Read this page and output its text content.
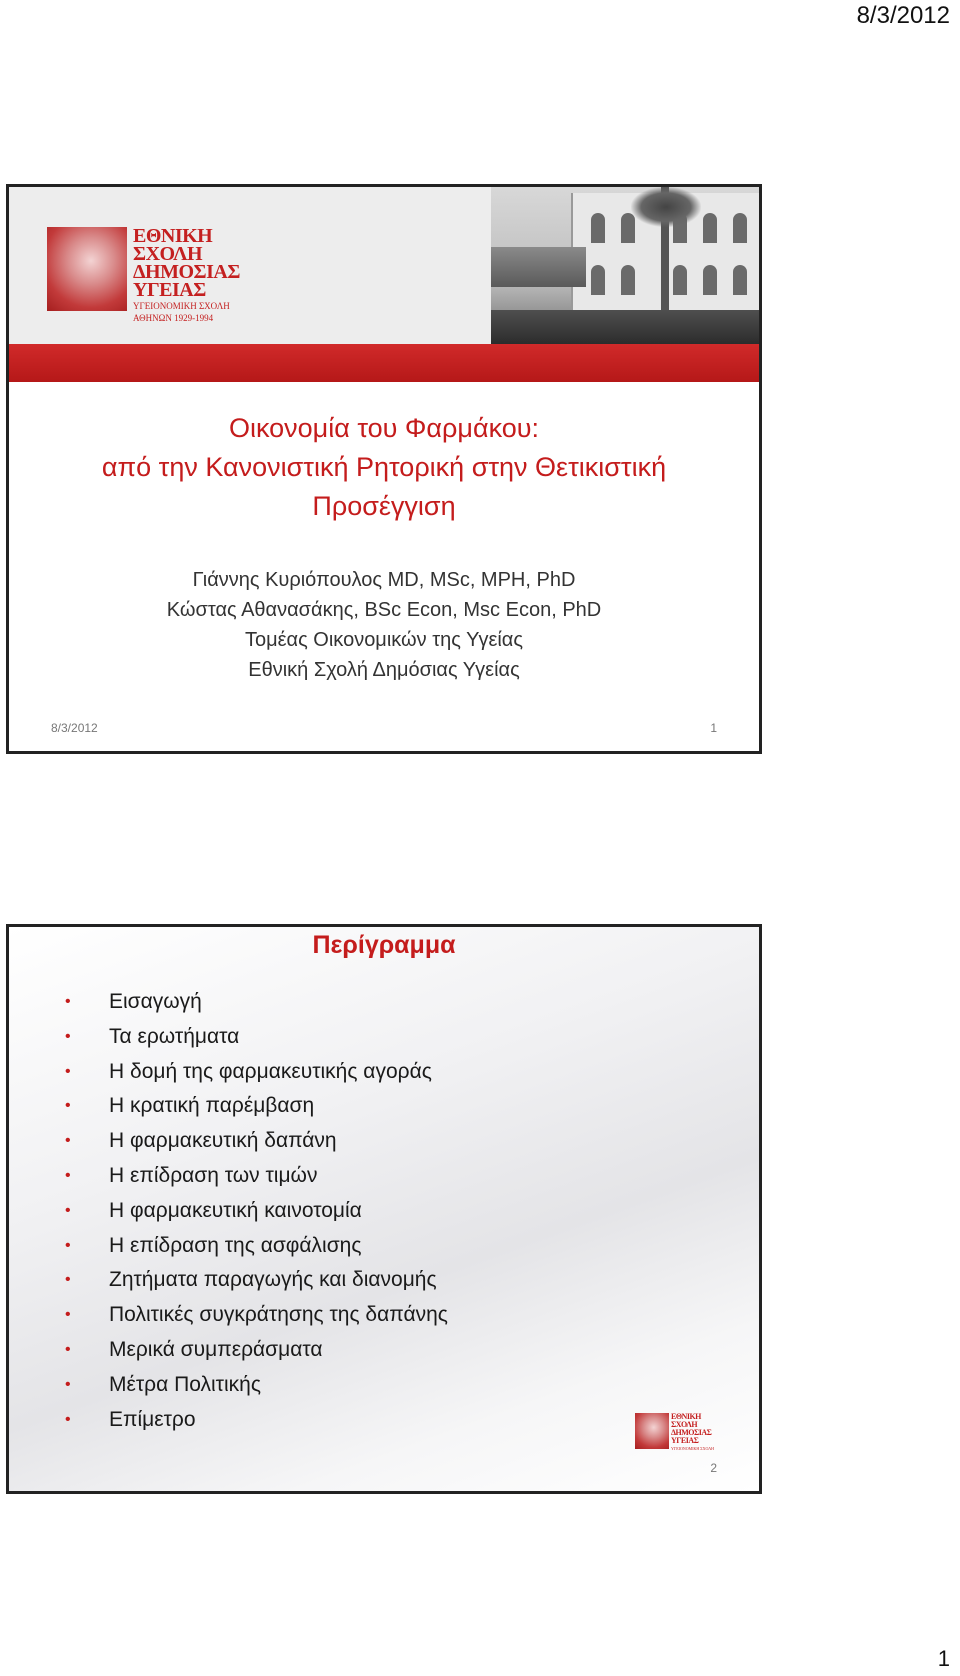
8/3/2012
ΕΘΝΙΚΗ
ΣΧΟΛΗ
ΔΗΜΟΣΙΑΣ
ΥΓΕΙΑΣ
ΥΓΕΙΟΝΟΜΙΚΗ ΣΧΟΛΗ
ΑΘΗΝΩΝ 1929-1994
Οικονομία του Φαρμάκου:
από την Κανονιστική Ρητορική στην Θετικιστική
Προσέγγιση
Γιάννης Κυριόπουλος MD, MSc, MPH, PhD
Κώστας Αθανασάκης, BSc Econ, Msc Econ, PhD
Τομέας Οικονομικών της Υγείας
Εθνική Σχολή Δημόσιας Υγείας
8/3/2012	1
Περίγραμμα
• Εισαγωγή
• Τα ερωτήματα
• Η δομή της φαρμακευτικής αγοράς
• Η κρατική παρέμβαση
• Η φαρμακευτική δαπάνη
• Η επίδραση των τιμών
• Η φαρμακευτική καινοτομία
• Η επίδραση της ασφάλισης
• Ζητήματα παραγωγής και διανομής
• Πολιτικές συγκράτησης της δαπάνης
• Μερικά συμπεράσματα
• Μέτρα Πολιτικής
• Επίμετρο	ΕΘΝΙΚΗ
ΣΧΟΛΗ
ΔΗΜΟΣΙΑΣ
ΥΓΕΙΑΣ
ΥΓΕΙΟΝΟΜΙΚΗ ΣΧΟΛΗ
2
1
